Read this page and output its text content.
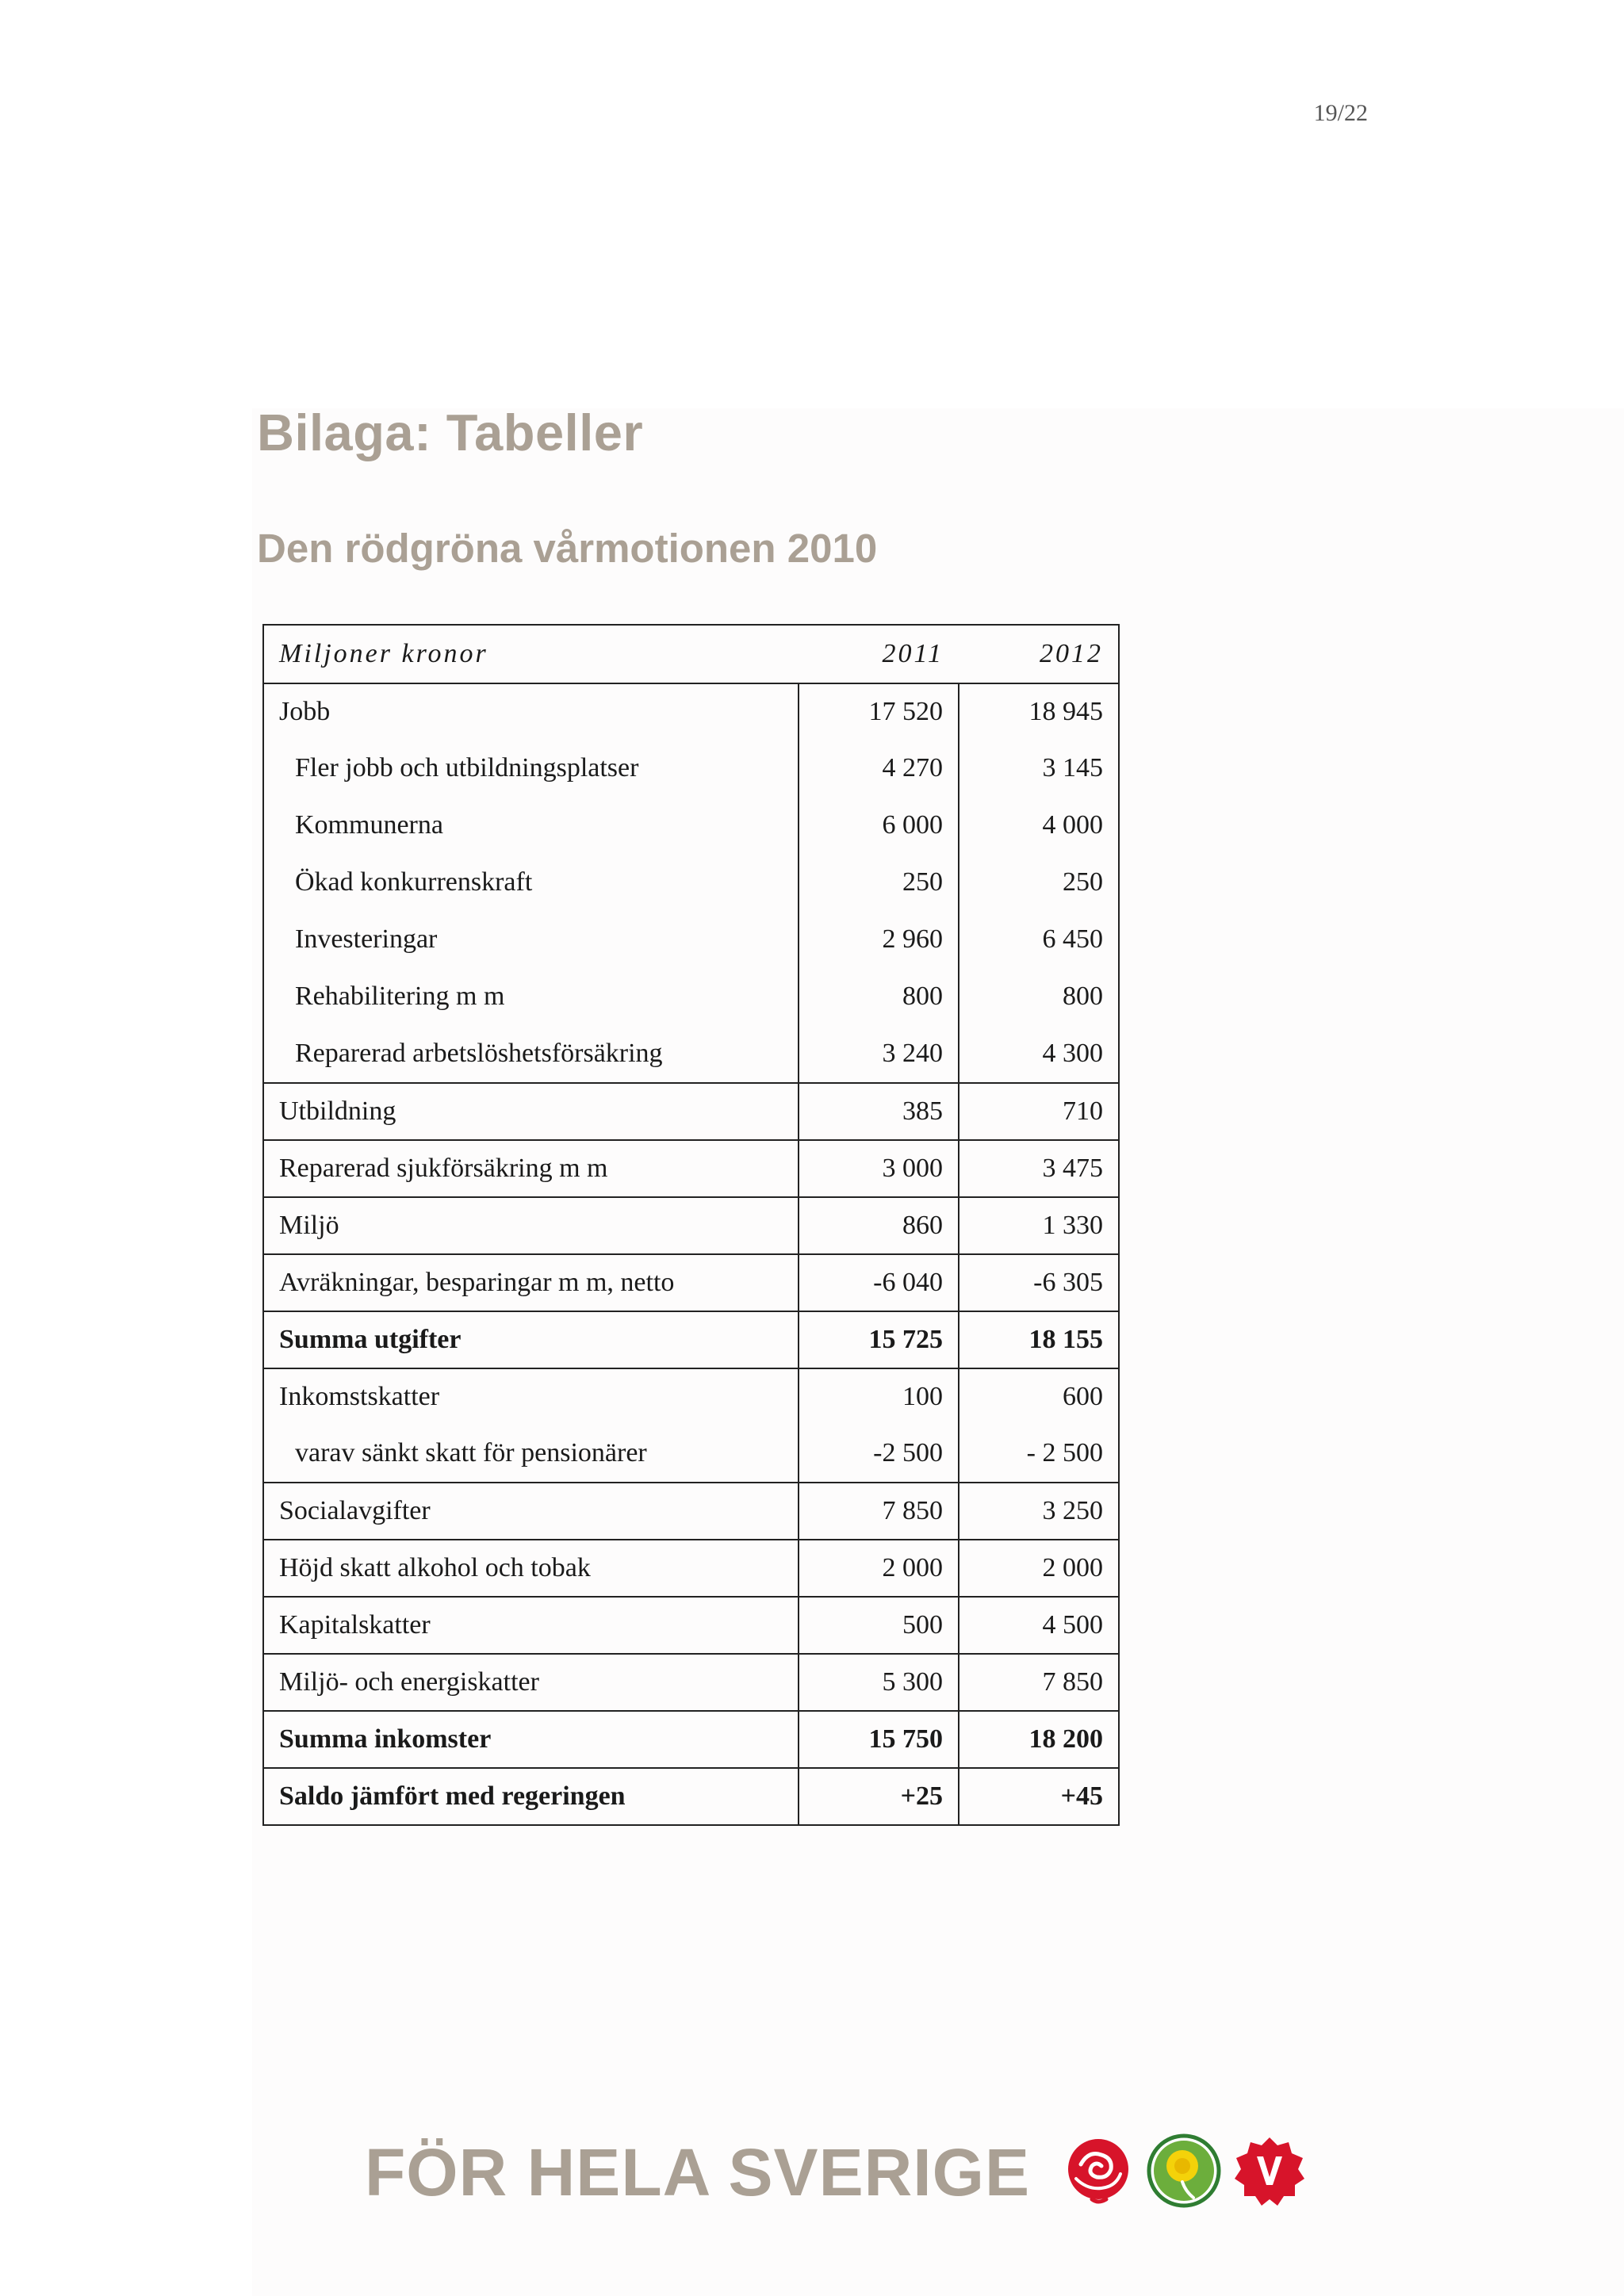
19/22
Bilaga: Tabeller
Den rödgröna vårmotionen 2010
Miljoner kronor	2011	2012
Jobb	17 520	18 945
Fler jobb och utbildningsplatser	4 270	3 145
Kommunerna	6 000	4 000
Ökad konkurrenskraft	250	250
Investeringar	2 960	6 450
Rehabilitering m m	800	800
Reparerad arbetslöshetsförsäkring	3 240	4 300
Utbildning	385	710
Reparerad sjukförsäkring m m	3 000	3 475
Miljö	860	1 330
Avräkningar, besparingar m m, netto	-6 040	-6 305
Summa utgifter	15 725	18 155
Inkomstskatter	100	600
varav sänkt skatt för pensionärer	-2 500	- 2 500
Socialavgifter	7 850	3 250
Höjd skatt alkohol och tobak	2 000	2 000
Kapitalskatter	500	4 500
Miljö- och energiskatter	5 300	7 850
Summa inkomster	15 750	18 200
Saldo jämfört med regeringen	+25	+45
FÖR HELA SVERIGE
